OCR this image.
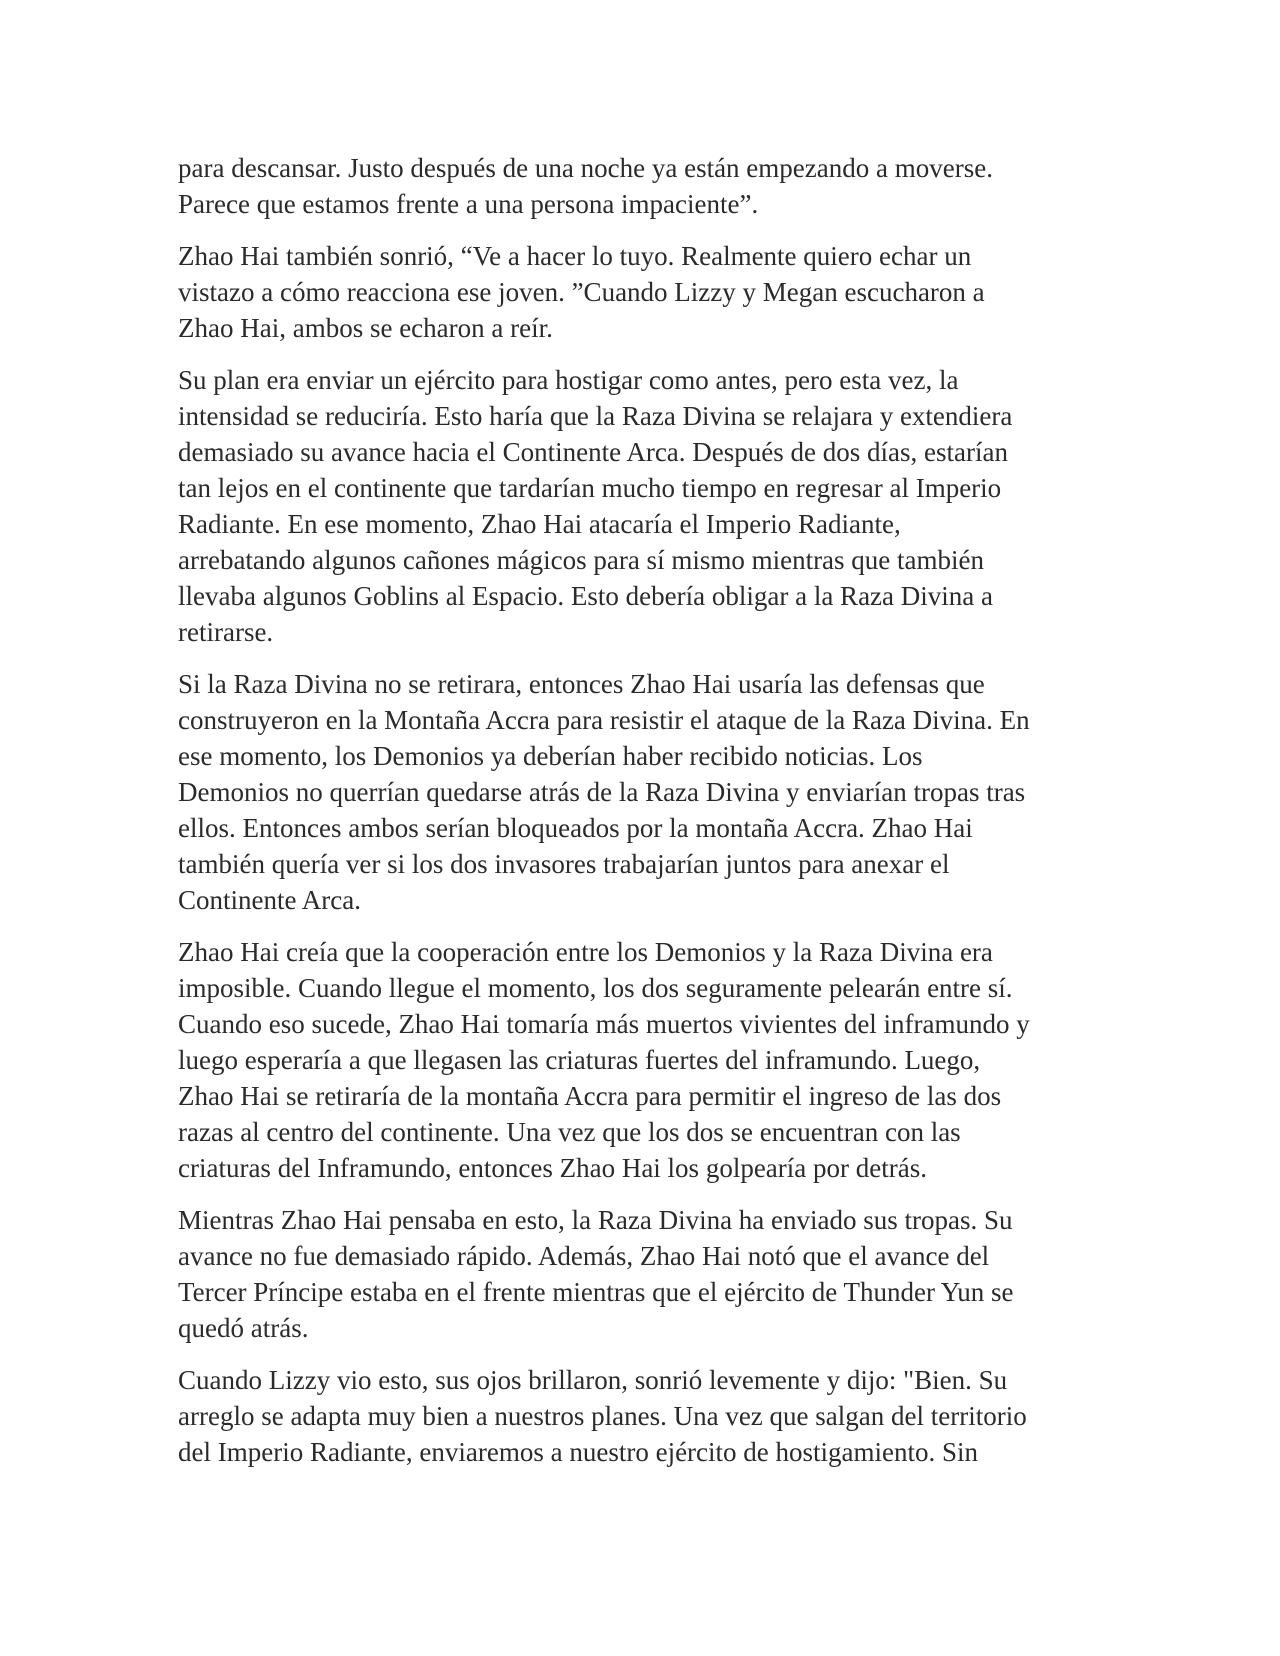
para descansar. Justo después de una noche ya están empezando a moverse.
Parece que estamos frente a una persona impaciente”.

Zhao Hai también sonrió, “Ve a hacer lo tuyo. Realmente quiero echar un
vistazo a cómo reacciona ese joven. ”Cuando Lizzy y Megan escucharon a
Zhao Hai, ambos se echaron a reír.

Su plan era enviar un ejército para hostigar como antes, pero esta vez, la
intensidad se reduciría. Esto haría que la Raza Divina se relajara y extendiera
demasiado su avance hacia el Continente Arca. Después de dos días, estarían
tan lejos en el continente que tardarían mucho tiempo en regresar al Imperio
Radiante. En ese momento, Zhao Hai atacaría el Imperio Radiante,
arrebatando algunos cañones mágicos para sí mismo mientras que también
llevaba algunos Goblins al Espacio. Esto debería obligar a la Raza Divina a
retirarse.

Si la Raza Divina no se retirara, entonces Zhao Hai usaría las defensas que
construyeron en la Montaña Accra para resistir el ataque de la Raza Divina. En
ese momento, los Demonios ya deberían haber recibido noticias. Los
Demonios no querrían quedarse atrás de la Raza Divina y enviarían tropas tras
ellos. Entonces ambos serían bloqueados por la montaña Accra. Zhao Hai
también quería ver si los dos invasores trabajarían juntos para anexar el
Continente Arca.

Zhao Hai creía que la cooperación entre los Demonios y la Raza Divina era
imposible. Cuando llegue el momento, los dos seguramente pelearán entre sí.
Cuando eso sucede, Zhao Hai tomaría más muertos vivientes del inframundo y
luego esperaría a que llegasen las criaturas fuertes del inframundo. Luego,
Zhao Hai se retiraría de la montaña Accra para permitir el ingreso de las dos
razas al centro del continente. Una vez que los dos se encuentran con las
criaturas del Inframundo, entonces Zhao Hai los golpearía por detrás.

Mientras Zhao Hai pensaba en esto, la Raza Divina ha enviado sus tropas. Su
avance no fue demasiado rápido. Además, Zhao Hai notó que el avance del
Tercer Príncipe estaba en el frente mientras que el ejército de Thunder Yun se
quedó atrás.

Cuando Lizzy vio esto, sus ojos brillaron, sonrió levemente y dijo: "Bien. Su
arreglo se adapta muy bien a nuestros planes. Una vez que salgan del territorio
del Imperio Radiante, enviaremos a nuestro ejército de hostigamiento. Sin
